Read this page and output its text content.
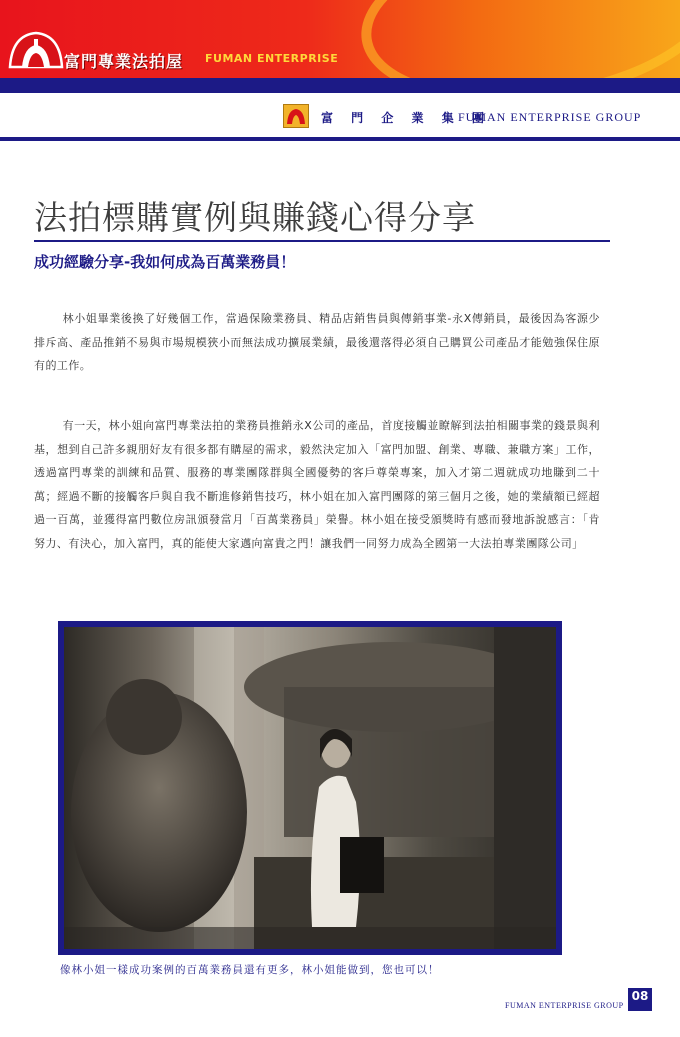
富門專業法拍屋 FUMAN ENTERPRISE
富 門 企 業 集 團
FUMAN ENTERPRISE GROUP
法拍標購實例與賺錢心得分享
成功經驗分享-我如何成為百萬業務員！

林小姐畢業後換了好幾個工作，當過保險業務員、精品店銷售員與傳銷事業-永X傳銷員，最後因為客源少排斥高、產品推銷不易與市場規模狹小而無法成功擴展業績，最後還落得必須自己購買公司產品才能勉強保住原有的工作。

有一天，林小姐向富門專業法拍的業務員推銷永X公司的產品，首度接觸並瞭解到法拍相關事業的錢景與利基，想到自己許多親朋好友有很多都有購屋的需求，毅然決定加入「富門加盟、創業、專職、兼職方案」工作，透過富門專業的訓練和品質、服務的專業團隊群與全國優勢的客戶尊榮專案，加入才第二週就成功地賺到二十萬；經過不斷的接觸客戶與自我不斷進修銷售技巧，林小姐在加入富門團隊的第三個月之後，她的業績額已經超過一百萬，並獲得富門數位房訊頒發當月「百萬業務員」榮譽。林小姐在接受頒獎時有感而發地訴說感言：「肯努力、有決心，加入富門，真的能使大家邁向富貴之門！讓我們一同努力成為全國第一大法拍專業團隊公司」

像林小姐一樣成功案例的百萬業務員還有更多，林小姐能做到，您也可以！

FUMAN ENTERPRISE GROUP
08
